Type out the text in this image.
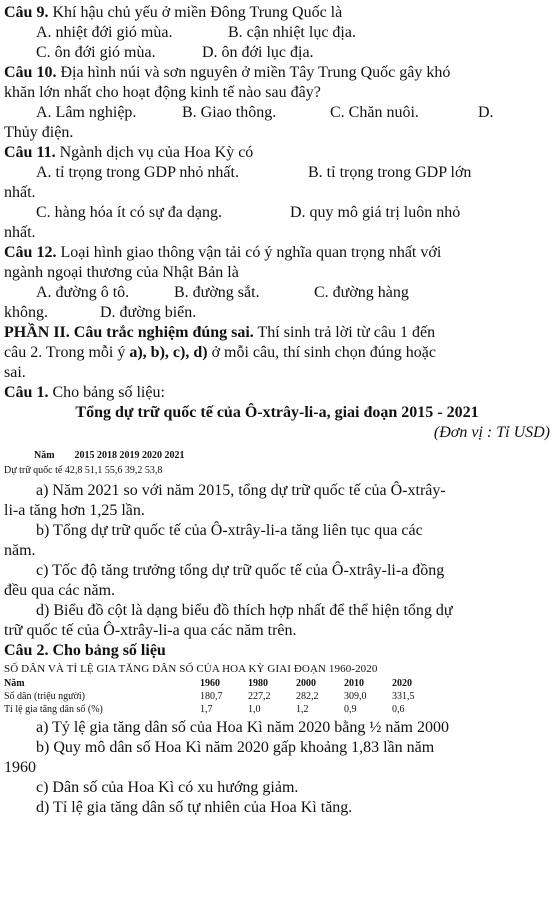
Câu 9. Khí hậu chủ yếu ở miền Đông Trung Quốc là
A. nhiệt đới gió mùa.	B. cận nhiệt lục địa.
C. ôn đới gió mùa.	D. ôn đới lục địa.
Câu 10. Địa hình núi và sơn nguyên ở miền Tây Trung Quốc gây khó
khăn lớn nhất cho hoạt động kinh tế nào sau đây?
A. Lâm nghiệp.	B. Giao thông.	C. Chăn nuôi.	D.
Thủy điện.
Câu 11. Ngành dịch vụ của Hoa Kỳ có
A. tỉ trọng trong GDP nhỏ nhất.	B. tỉ trọng trong GDP lớn
nhất.
C. hàng hóa ít có sự đa dạng.	D. quy mô giá trị luôn nhỏ
nhất.
Câu 12. Loại hình giao thông vận tải có ý nghĩa quan trọng nhất với
ngành ngoại thương của Nhật Bản là
A. đường ô tô.	B. đường sắt.	C. đường hàng
không.	D. đường biển.
PHẦN II. Câu trắc nghiệm đúng sai. Thí sinh trả lời từ câu 1 đến
câu 2. Trong mỗi ý a), b), c), d) ở mỗi câu, thí sinh chọn đúng hoặc
sai.
Câu 1. Cho bảng số liệu:
Tổng dự trữ quốc tế của Ô-xtrây-li-a, giai đoạn 2015 - 2021
(Đơn vị : Tỉ USD)
Năm        2015 2018 2019 2020 2021
Dự trữ quốc tế 42,8 51,1 55,6 39,2 53,8
a) Năm 2021 so với năm 2015, tổng dự trữ quốc tế của Ô-xtrây-
li-a tăng hơn 1,25 lần.
b) Tổng dự trữ quốc tế của Ô-xtrây-li-a tăng liên tục qua các
năm.
c) Tốc độ tăng trưởng tổng dự trữ quốc tế của Ô-xtrây-li-a đồng
đều qua các năm.
d) Biểu đồ cột là dạng biểu đồ thích hợp nhất để thể hiện tổng dự
trữ quốc tế của Ô-xtrây-li-a qua các năm trên.
Câu 2. Cho bảng số liệu
SỐ DÂN VÀ TỈ LỆ GIA TĂNG DÂN SỐ CỦA HOA KỲ GIAI ĐOẠN 1960-2020
Năm	1960	1980	2000	2010	2020
Số dân (triệu người)	180,7	227,2	282,2	309,0	331,5
Tỉ lệ gia tăng dân số (%)	1,7	1,0	1,2	0,9	0,6
a) Tỷ lệ gia tăng dân số của Hoa Kì năm 2020 bằng ½ năm 2000
b) Quy mô dân số Hoa Kì năm 2020 gấp khoảng 1,83 lần năm
1960
c) Dân số của Hoa Kì có xu hướng giảm.
d) Tỉ lệ gia tăng dân số tự nhiên của Hoa Kì tăng.
